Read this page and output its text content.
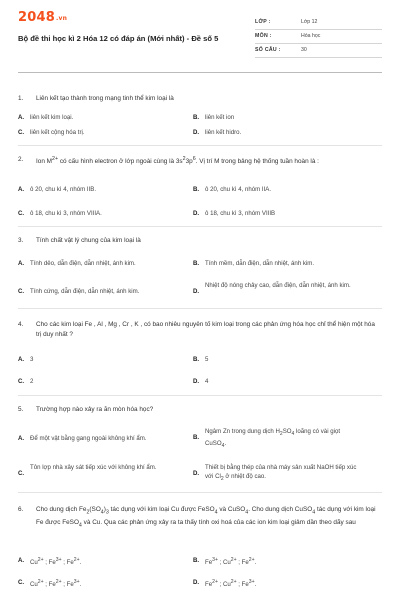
2048.vn
Bộ đề thi học kì 2 Hóa 12 có đáp án (Mới nhất) - Đề số 5
LỚP :	Lớp 12
MÔN :	Hóa học
SỐ CÂU :	30
1.	Liên kết tạo thành trong mạng tinh thể kim loại là
A. liên kết kim loại.	B. liên kết ion
C. liên kết cộng hóa trị.	D. liên kết hidro.
2.	Ion $M^{2+}$ có cấu hình electron ở lớp ngoài cùng là $3s^23p^6$. Vị trí M trong bảng hệ thống tuần hoàn là :
A. ô 20, chu kì 4, nhóm IIB.	B. ô 20, chu kì 4, nhóm IIA.
C. ô 18, chu kì 3, nhóm VIIIA.	D. ô 18, chu kì 3, nhóm VIIIB
3.	Tính chất vật lý chung của kim loại là
A. Tính dẻo, dẫn điện, dẫn nhiệt, ánh kim.	B. Tính mềm, dẫn điện, dẫn nhiệt, ánh kim.
C. Tính cứng, dẫn điện, dẫn nhiệt, ánh kim.	D.
Nhiệt độ nóng chảy cao, dẫn điện, dẫn nhiệt, ánh kim.
4.	Cho các kim loại Fe , Al , Mg , Cr , K , có bao nhiêu nguyên tố kim loại trong các phản ứng hóa học chỉ thể hiện một hóa trị duy nhất ?
A. 3	B. 5
C. 2	D. 4
5.	Trường hợp nào xảy ra ăn mòn hóa học?
A. Để một vật bằng gang ngoài không khí ẩm.	B.
Ngâm Zn trong dung dịch $H_2SO_4$ loãng có vài giọt CuSO$_4$.
C.
Tôn lợp nhà xây sát tiếp xúc với không khí ẩm.
D.
Thiết bị bằng thép của nhà máy sản xuất NaOH tiếp xúc với $Cl_2$ ở nhiệt độ cao.
6.	Cho dung dịch $Fe_2(SO_4)_3$ tác dụng với kim loại Cu được FeSO$_4$ và CuSO$_4$. Cho dung dịch CuSO$_4$ tác dụng với kim loại Fe được FeSO$_4$ và Cu. Qua các phản ứng xảy ra ta thấy tính oxi hoá của các ion kim loại giảm dần theo dãy sau
A. $Cu^{2+}$ ; $Fe^{3+}$ ; $Fe^{2+}$.	B. $Fe^{3+}$ ; $Cu^{2+}$ ; $Fe^{2+}$.
C. $Cu^{2+}$ ; $Fe^{2+}$ ; $Fe^{3+}$.	D. $Fe^{2+}$ ; $Cu^{2+}$ ; $Fe^{3+}$.
